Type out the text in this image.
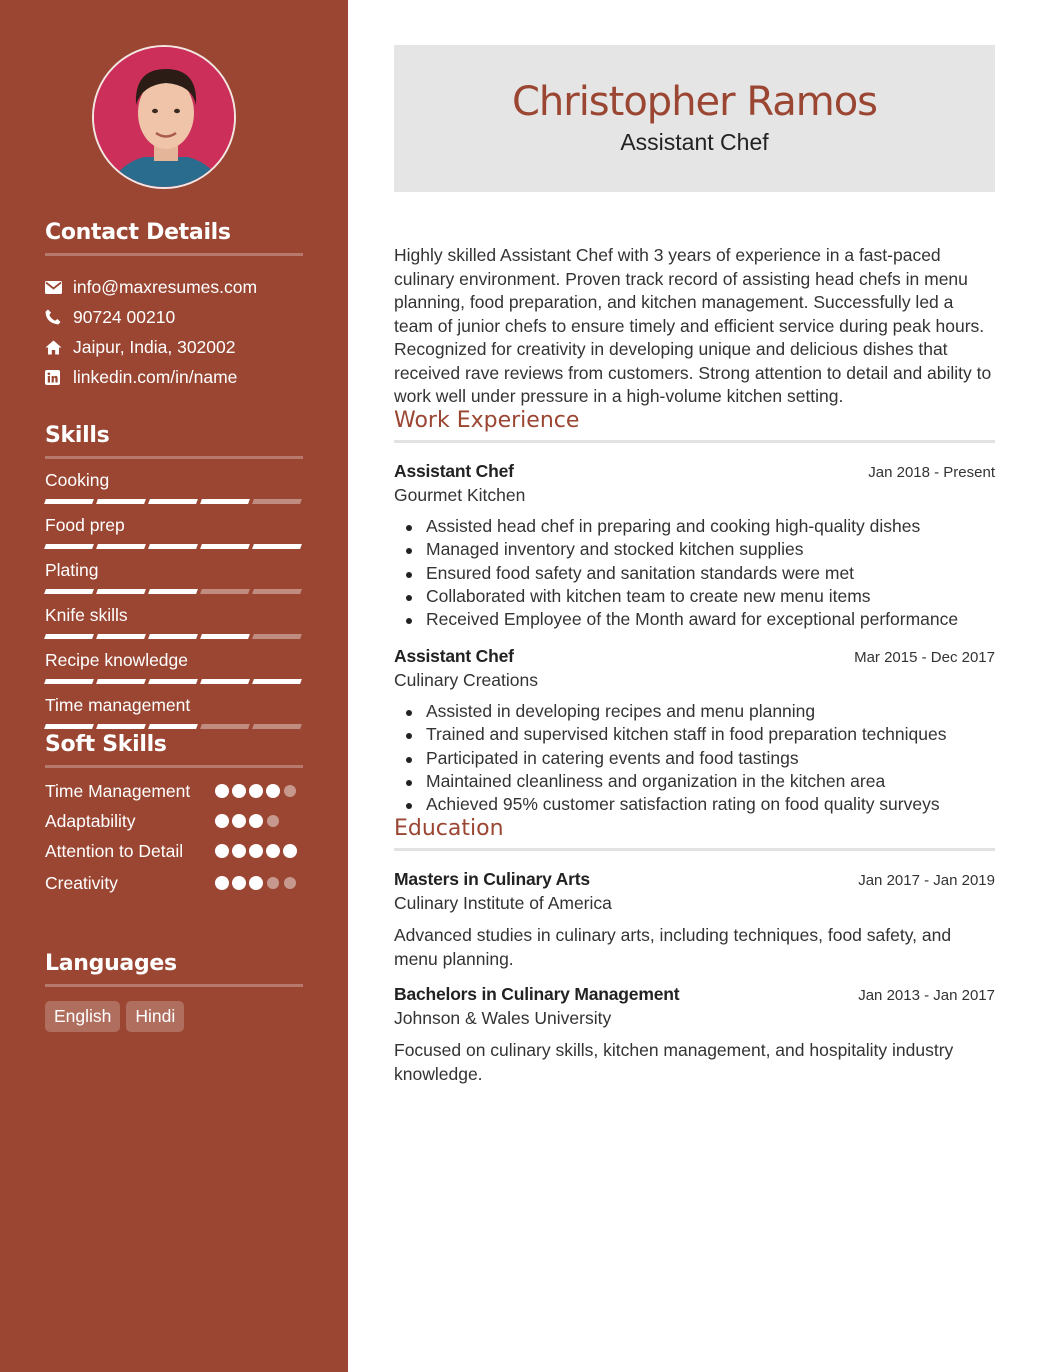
Contact Details
info@maxresumes.com
90724 00210
Jaipur, India, 302002
linkedin.com/in/name
Skills
Cooking
Food prep
Plating
Knife skills
Recipe knowledge
Time management
Soft Skills
Time Management
Adaptability
Attention to Detail
Creativity
Languages
English	Hindi
Christopher Ramos
Assistant Chef
Highly skilled Assistant Chef with 3 years of experience in a fast-paced culinary environment. Proven track record of assisting head chefs in menu planning, food preparation, and kitchen management. Successfully led a team of junior chefs to ensure timely and efficient service during peak hours. Recognized for creativity in developing unique and delicious dishes that received rave reviews from customers. Strong attention to detail and ability to work well under pressure in a high-volume kitchen setting.
Work Experience
Assistant Chef	Jan 2018 - Present
Gourmet Kitchen
Assisted head chef in preparing and cooking high-quality dishes
Managed inventory and stocked kitchen supplies
Ensured food safety and sanitation standards were met
Collaborated with kitchen team to create new menu items
Received Employee of the Month award for exceptional performance
Assistant Chef	Mar 2015 - Dec 2017
Culinary Creations
Assisted in developing recipes and menu planning
Trained and supervised kitchen staff in food preparation techniques
Participated in catering events and food tastings
Maintained cleanliness and organization in the kitchen area
Achieved 95% customer satisfaction rating on food quality surveys
Education
Masters in Culinary Arts	Jan 2017 - Jan 2019
Culinary Institute of America
Advanced studies in culinary arts, including techniques, food safety, and menu planning.
Bachelors in Culinary Management	Jan 2013 - Jan 2017
Johnson & Wales University
Focused on culinary skills, kitchen management, and hospitality industry knowledge.
